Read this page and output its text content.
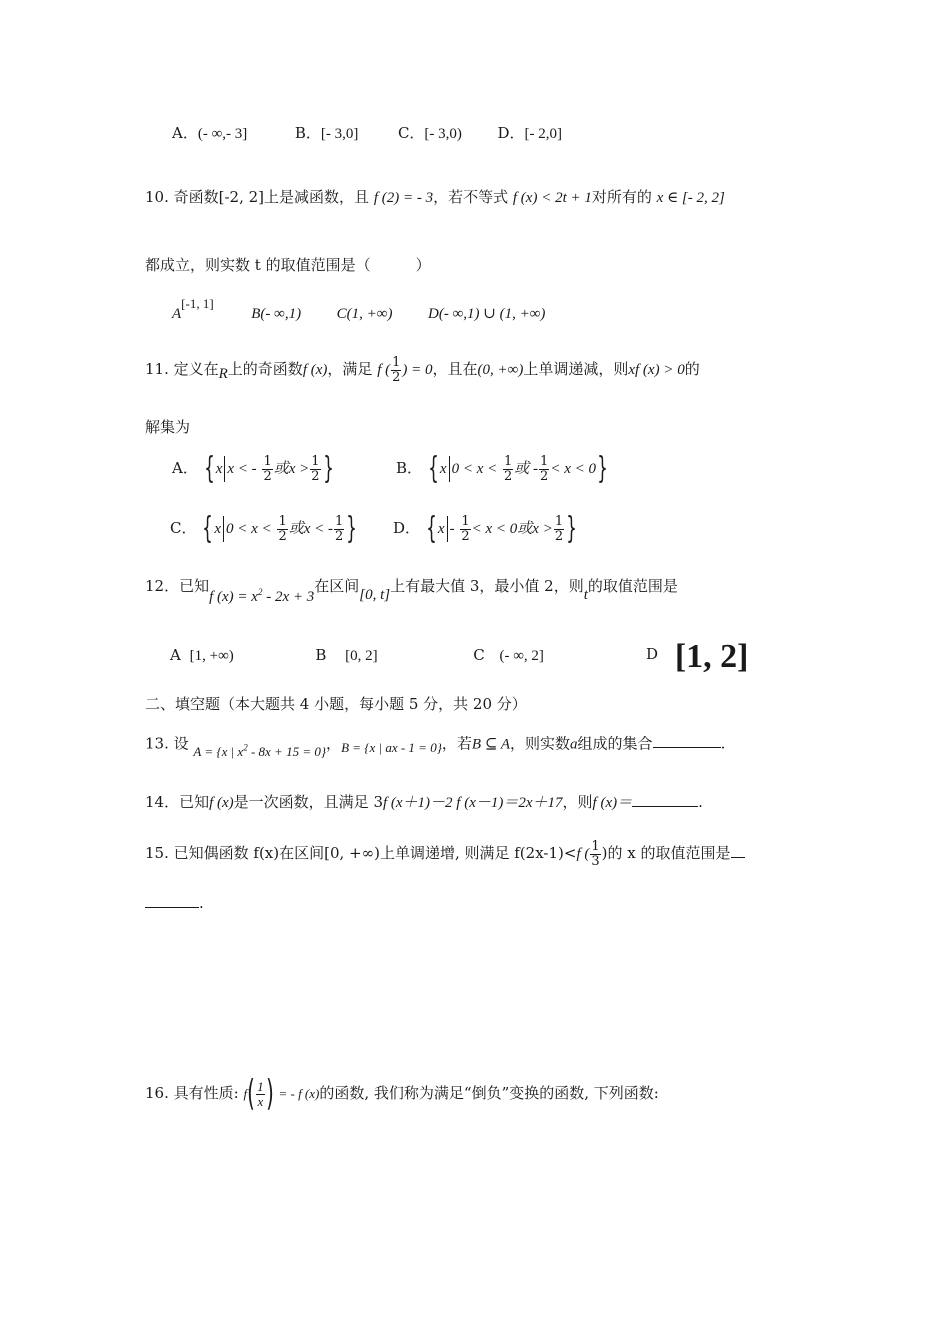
A．(- ∞,- 3]	B．[- 3,0]	C．[- 3,0) D．[- 2,0]
10. 奇函数[-2, 2]上是减函数，且 f (2) = - 3，若不等式 f (x) < 2t + 1对所有的 x ∈ [- 2, 2]
都成立，则实数 t 的取值范围是（　　　）
A[-1, 1]  B(- ∞,1) C(1, +∞) D(- ∞,1) ∪ (1, +∞)
11. 定义在R上的奇函数f (x)，满足 f ( $\frac{1}{2}$ ) = 0，且在(0, +∞)上单调递减，则xf (x) > 0的
解集为
A． {x x < - $\frac{1}{2}$ 或$x > \frac{1}{2}$ }	B． {x $0 < x < \frac{1}{2}$ 或 - $\frac{1}{2} < x < 0$}
C． {x $0 < x < \frac{1}{2}$ 或x < - $\frac{1}{2}$ } D． {$x - \frac{1}{2} < x < 0$或$x > \frac{1}{2}$ }
12．已知f $(x) = x^2 - 2x + 3$在区间[0, t]上有最大值 3，最小值 2，则t的取值范围是
A [1, +∞)	B [0, 2]	C (- ∞, 2]	D [1, 2]
二、填空题（本大题共 4 小题，每小题 5 分，共 20 分）
13. 设 A = {x | $x^2 - 8x + 15 = 0$}，B = {x | ax - 1 = 0}，若B ⊆ A，则实数a组成的集合	.
14．已知f (x)是一次函数，且满足 3f (x＋1)－2 f (x－1)＝2x＋17，则f (x)＝	.
15. 已知偶函数 f(x)在区间[0, +∞)上单调递增, 则满足 f(2x-1)<f ( $\frac{1}{3}$ )的 x 的取值范围是
.
16. 具有性质: $f( \frac{1}{x}$ ) = - f (x)的函数, 我们称为满足“倒负”变换的函数, 下列函数:
